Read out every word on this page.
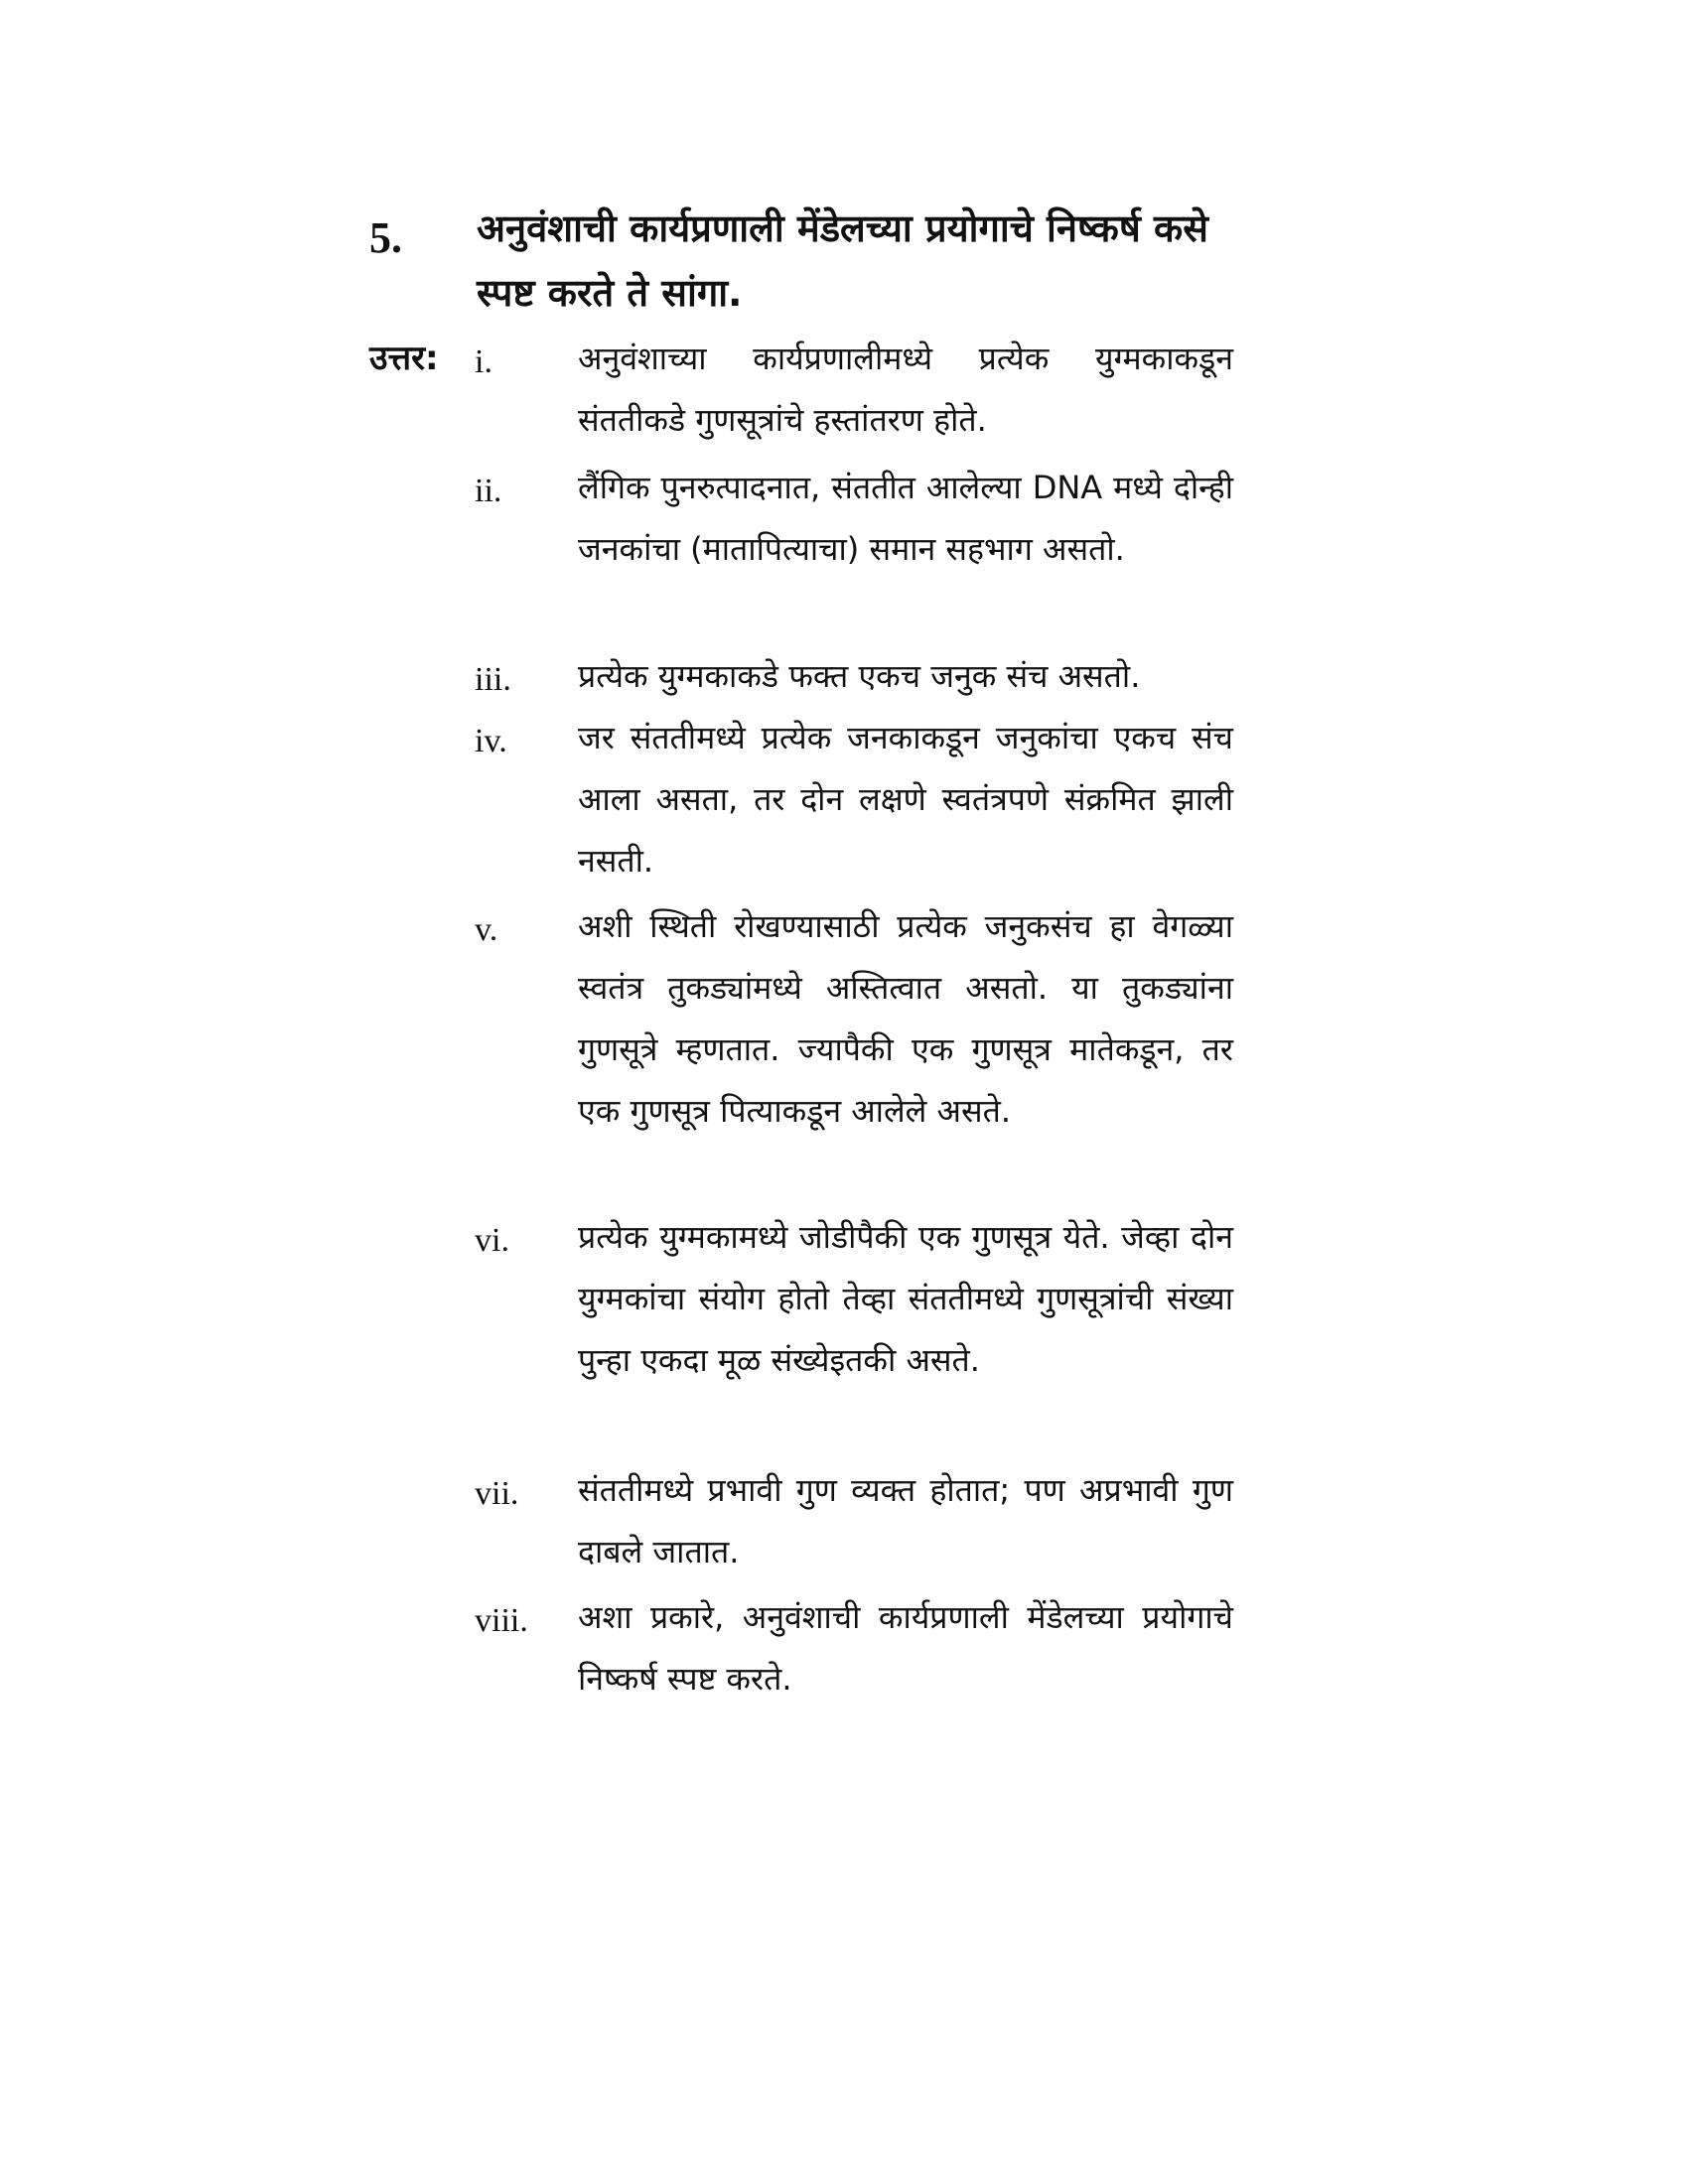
5. अनुवंशाची कार्यप्रणाली मेंडेलच्या प्रयोगाचे निष्कर्ष कसे स्पष्ट करते ते सांगा.
उत्तर: i.	अनुवंशाच्या कार्यप्रणालीमध्ये प्रत्येक युग्मकाकडून संततीकडे गुणसूत्रांचे हस्तांतरण होते.
ii. लैंगिक पुनरुत्पादनात, संततीत आलेल्या DNA मध्ये दोन्ही जनकांचा (मातापित्याचा) समान सहभाग असतो.
iii. प्रत्येक युग्मकाकडे फक्त एकच जनुक संच असतो.
iv. जर संततीमध्ये प्रत्येक जनकाकडून जनुकांचा एकच संच आला असता, तर दोन लक्षणे स्वतंत्रपणे संक्रमित झाली नसती.
v.	अशी स्थिती रोखण्यासाठी प्रत्येक जनुकसंच हा वेगळ्या स्वतंत्र तुकड्यांमध्ये अस्तित्वात असतो. या तुकड्यांना गुणसूत्रे म्हणतात. ज्यापैकी एक गुणसूत्र मातेकडून, तर एक गुणसूत्र पित्याकडून आलेले असते.
vi. प्रत्येक युग्मकामध्ये जोडीपैकी एक गुणसूत्र येते. जेव्हा दोन युग्मकांचा संयोग होतो तेव्हा संततीमध्ये गुणसूत्रांची संख्या पुन्हा एकदा मूळ संख्येइतकी असते.
vii. संततीमध्ये प्रभावी गुण व्यक्त होतात; पण अप्रभावी गुण दाबले जातात.
viii. अशा प्रकारे, अनुवंशाची कार्यप्रणाली मेंडेलच्या प्रयोगाचे निष्कर्ष स्पष्ट करते.
